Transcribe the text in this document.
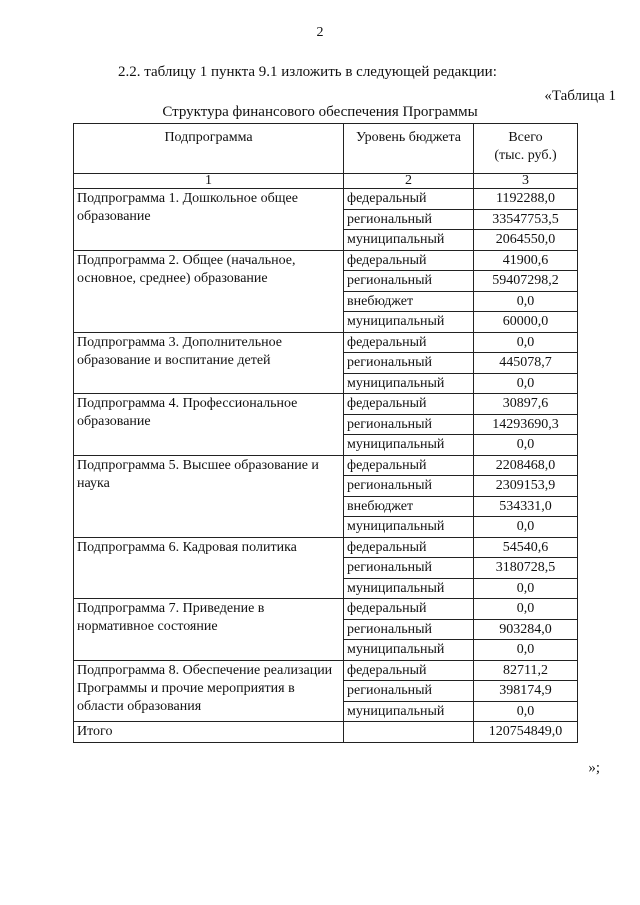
2
2.2. таблицу 1 пункта 9.1 изложить в следующей редакции:
«Таблица 1
Структура финансового обеспечения Программы
Подпрограмма	Уровень бюджета	Всего
(тыс. руб.)
1	2	3
Подпрограмма 1. Дошкольное общее образование	федеральный	1192288,0
	региональный	33547753,5
	муниципальный	2064550,0
Подпрограмма 2. Общее (начальное, основное, среднее) образование	федеральный	41900,6
	региональный	59407298,2
	внебюджет	0,0
	муниципальный	60000,0
Подпрограмма 3. Дополнительное образование и воспитание детей	федеральный	0,0
	региональный	445078,7
	муниципальный	0,0
Подпрограмма 4. Профессиональное образование	федеральный	30897,6
	региональный	14293690,3
	муниципальный	0,0
Подпрограмма 5. Высшее образование и наука	федеральный	2208468,0
	региональный	2309153,9
	внебюджет	534331,0
	муниципальный	0,0
Подпрограмма 6. Кадровая политика	федеральный	54540,6
	региональный	3180728,5
	муниципальный	0,0
Подпрограмма 7. Приведение в нормативное состояние	федеральный	0,0
	региональный	903284,0
	муниципальный	0,0
Подпрограмма 8. Обеспечение реализации Программы и прочие мероприятия в области образования	федеральный	82711,2
	региональный	398174,9
	муниципальный	0,0
Итого		120754849,0
»;
